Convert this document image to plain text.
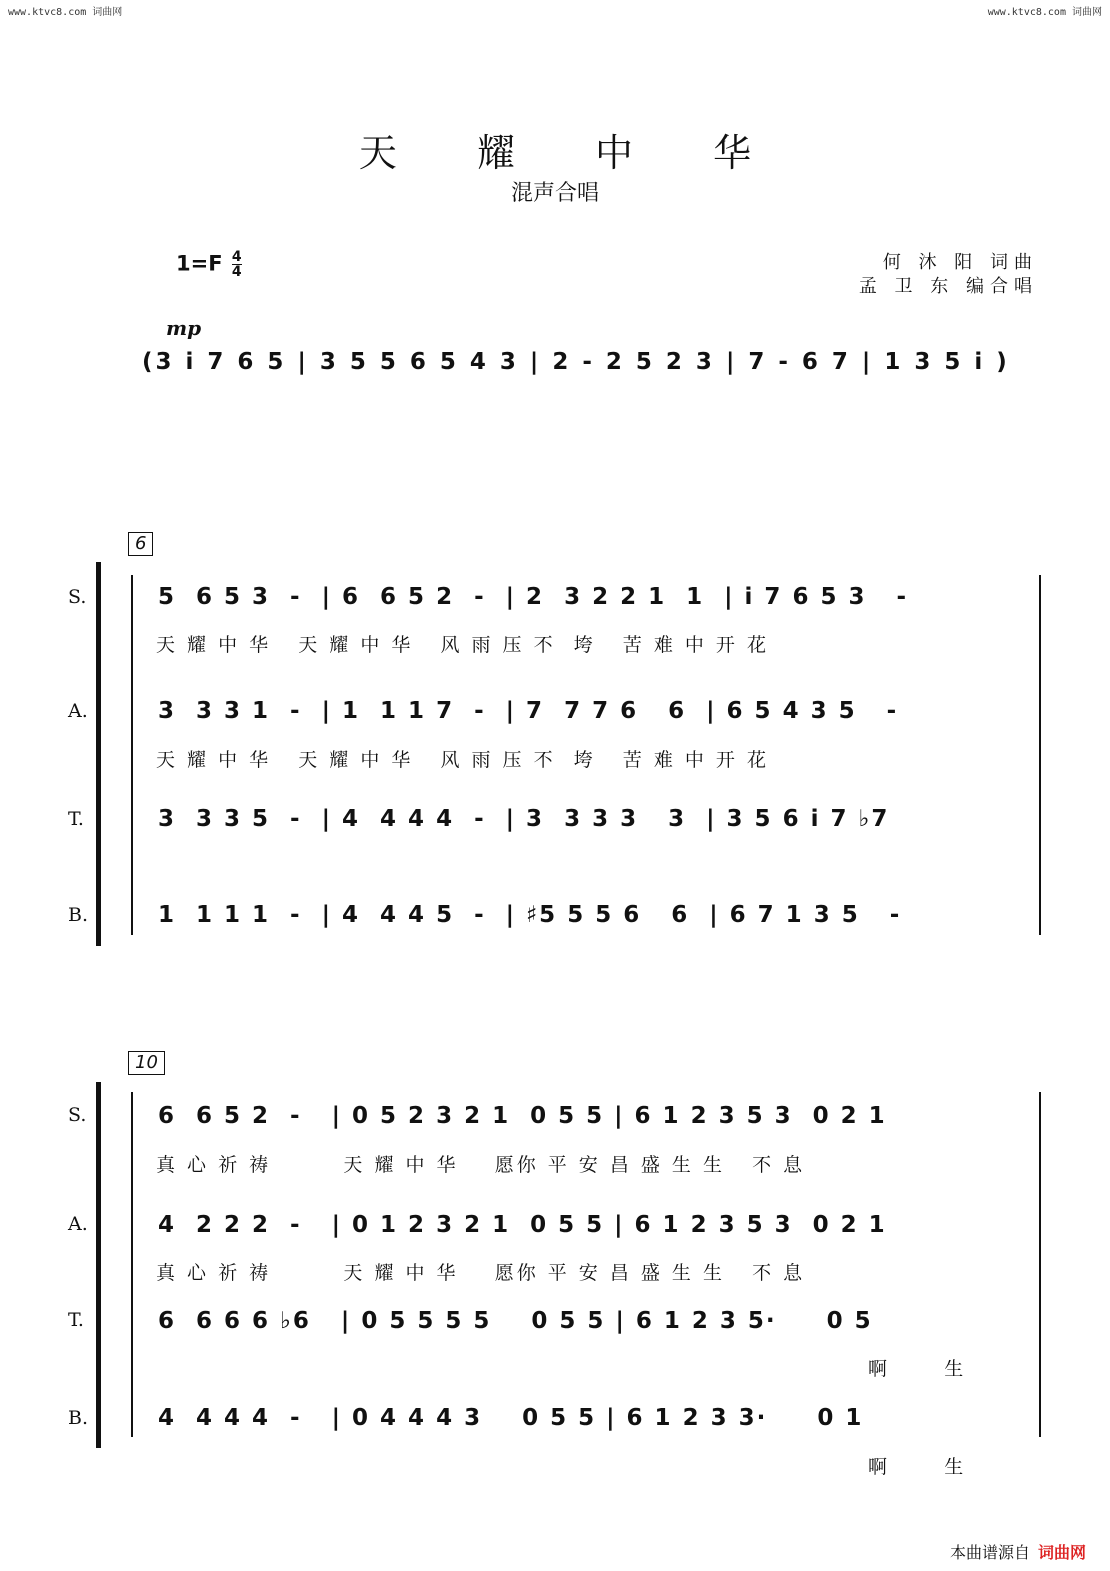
www.ktvc8.com 词曲网	www.ktvc8.com 词曲网
天 耀 中 华
混声合唱
$1=F \frac{4}{4}$	何 沐 阳 词曲
孟 卫 东 编合唱
mp
(3 i 7 6 5 | 3 5 5 6 5 4 3 | 2 - 2 5 2 3 | 7 - 6 7 | 1 3 5 i )
6
S.	5  6 5 3  -  | 6  6 5 2  -  | 2  3 2 2 1  1  | i 7 6 5 3   -
天 耀 中 华   天 耀 中 华   风 雨 压 不  垮   苦 难 中 开 花
A.	3  3 3 1  -  | 1  1 1 7  -  | 7  7 7 6   6  | 6 5 4 3 5   -
天 耀 中 华   天 耀 中 华   风 雨 压 不  垮   苦 难 中 开 花
T.	3  3 3 5  -  | 4  4 4 4  -  | 3  3 3 3   3  | 3 5 6 i 7 ♭7
B.	1  1 1 1  -  | 4  4 4 5  -  | ♯5 5 5 6   6  | 6 7 1 3 5   -
10
S.	6  6 5 2  -   | 0 5 2 3 2 1  0 5 5 | 6 1 2 3 5 3  0 2 1
真 心 祈 祷        天 耀 中 华    愿你 平 安 昌 盛 生 生   不 息
A.	4  2 2 2  -   | 0 1 2 3 2 1  0 5 5 | 6 1 2 3 5 3  0 2 1
真 心 祈 祷        天 耀 中 华    愿你 平 安 昌 盛 生 生   不 息
T.	6  6 6 6 ♭6   | 0 5 5 5 5    0 5 5 | 6 1 2 3 5·     0 5
啊      生
B.	4  4 4 4  -   | 0 4 4 4 3    0 5 5 | 6 1 2 3 3·     0 1
啊      生
本曲谱源自 词曲网
